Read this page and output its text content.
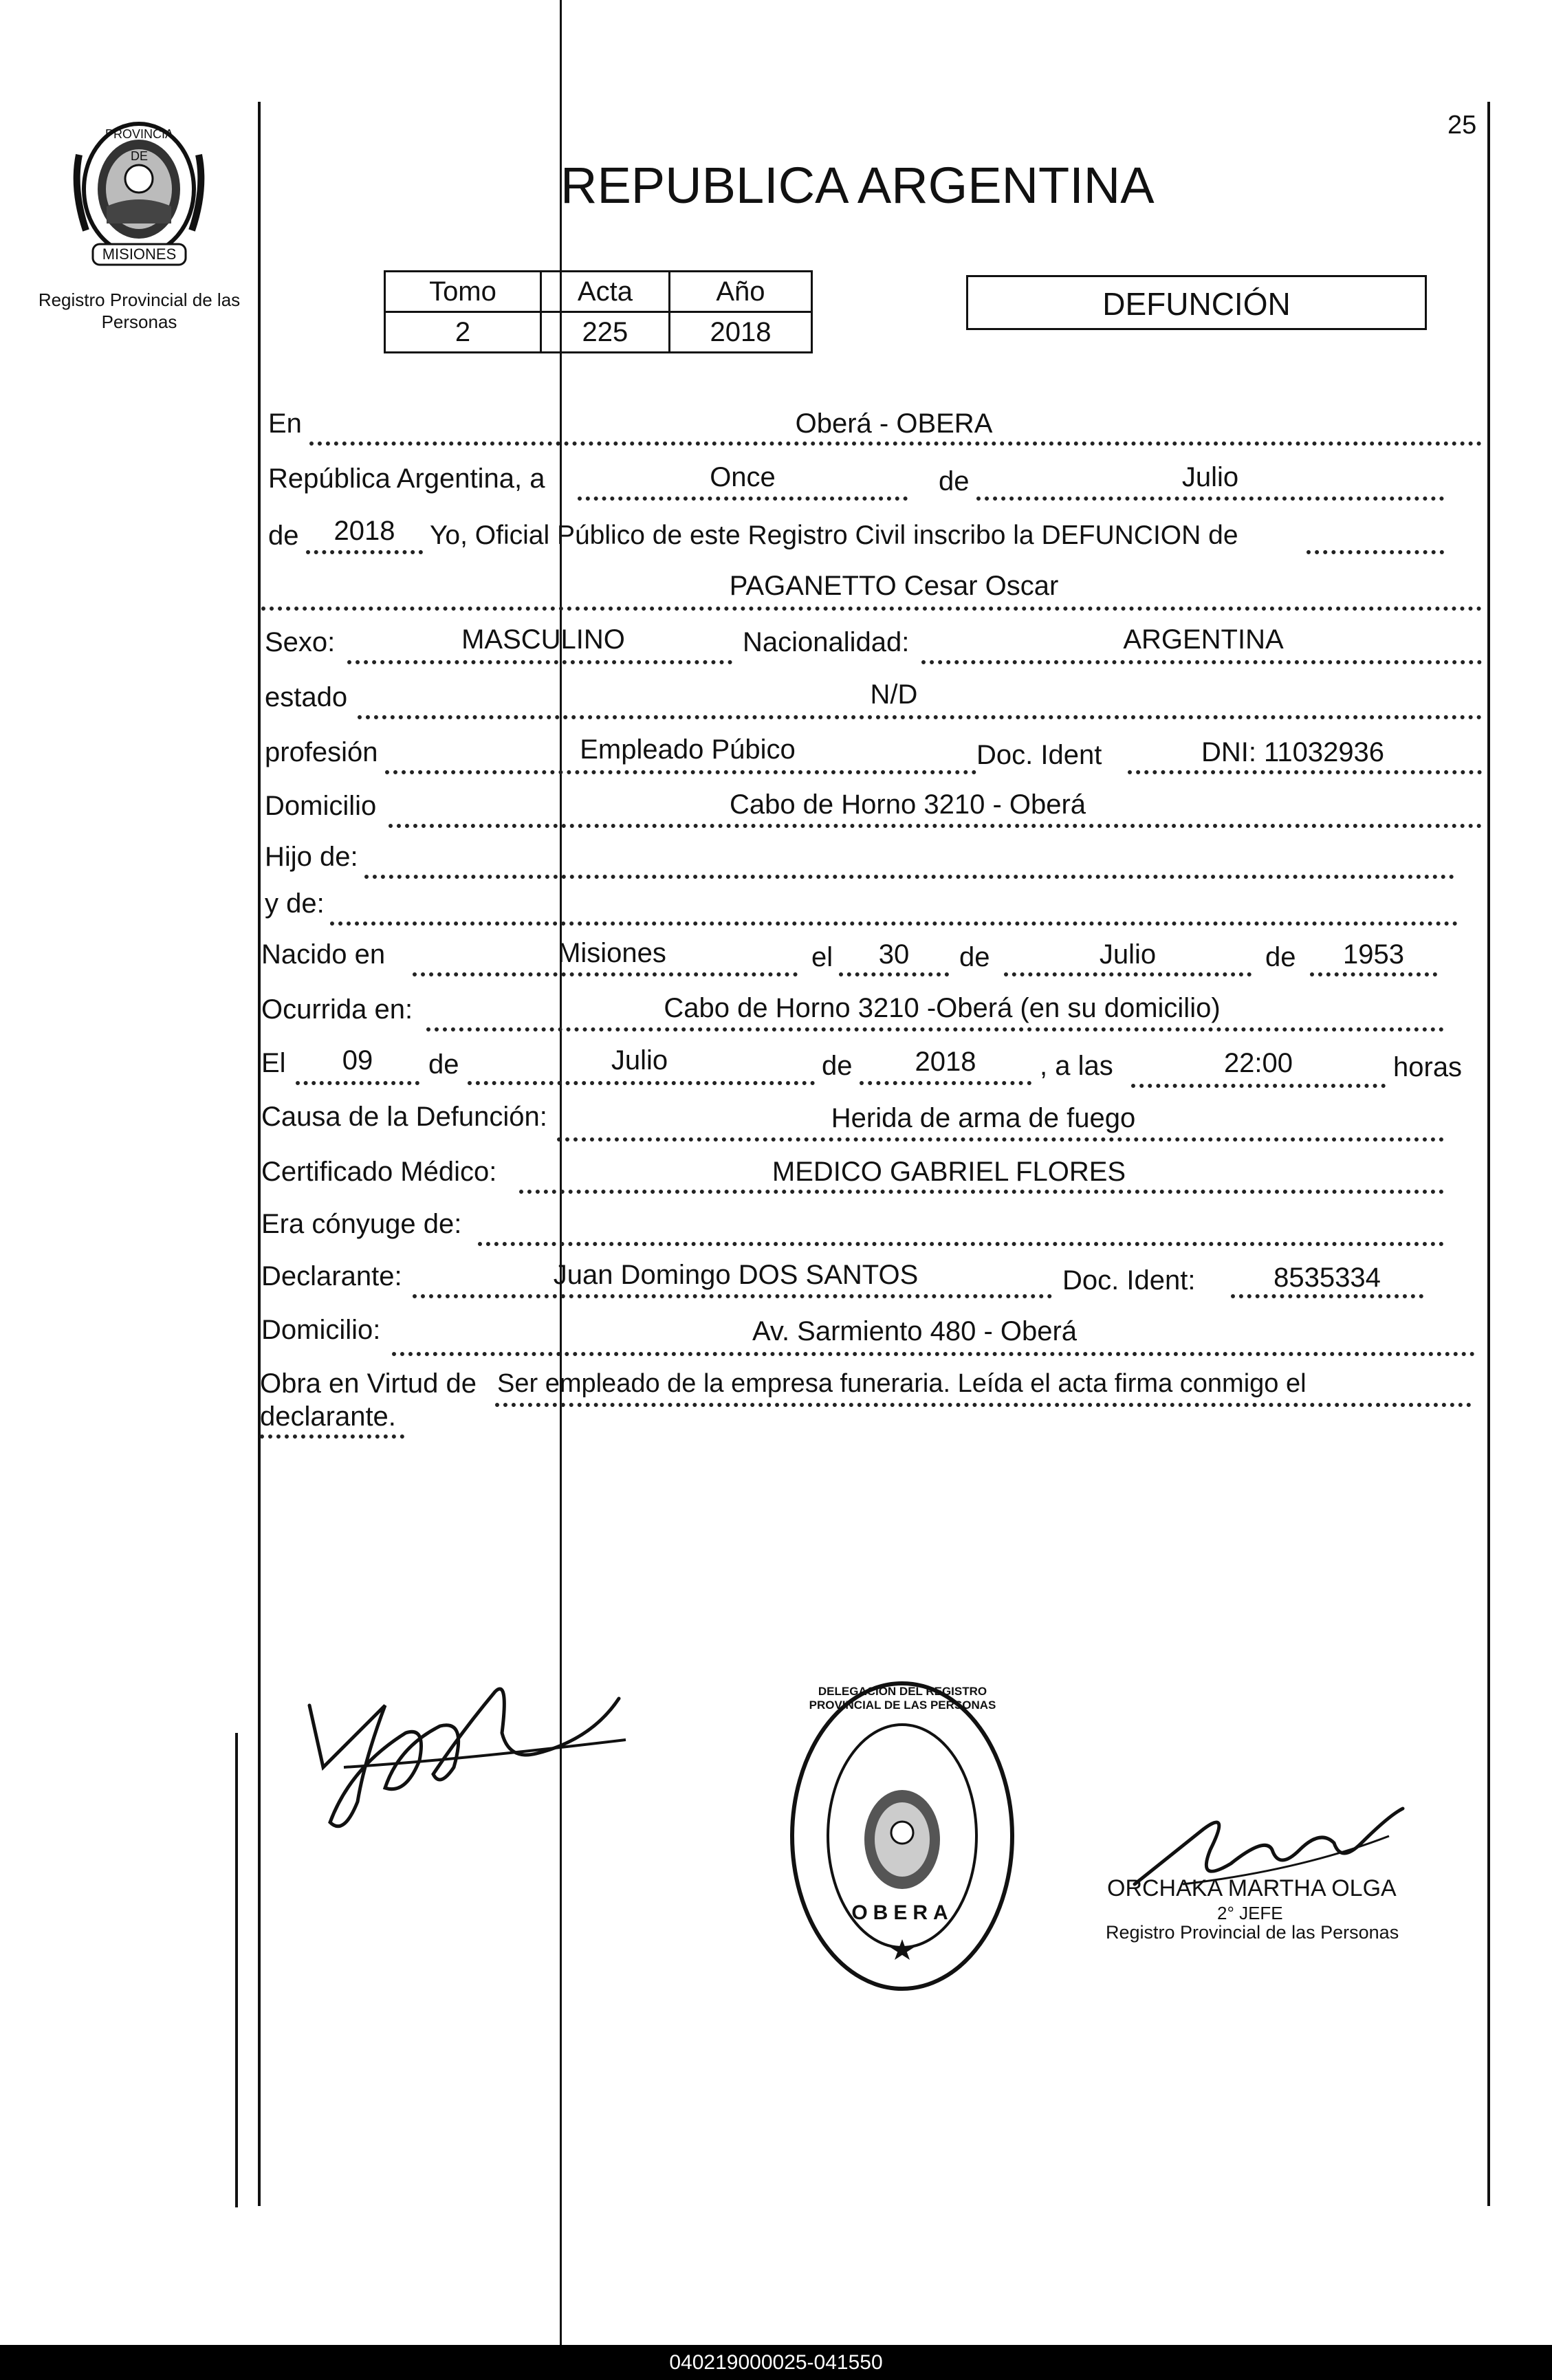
PROVINCIA DE
MISIONES
Registro Provincial de las Personas
25
REPUBLICA ARGENTINA
Tomo	Acta	Año
2	225	2018
DEFUNCIÓN
En	Oberá - OBERA
República Argentina, a	Once	de	Julio
de	2018	Yo, Oficial Público de este Registro Civil inscribo la DEFUNCION de
PAGANETTO Cesar Oscar
Sexo:	MASCULINO	Nacionalidad:	ARGENTINA
estado	N/D
profesión	Empleado Púbico	Doc. Ident	DNI: 11032936
Domicilio	Cabo de Horno 3210 - Oberá
Hijo de:
y de:
Nacido en	Misiones	el	30	de	Julio	de	1953
Ocurrida en:	Cabo de Horno 3210 -Oberá (en su domicilio)
El	09	de	Julio	de	2018	, a las	22:00	horas
Causa de la Defunción:	Herida de arma de fuego
Certificado Médico:	MEDICO GABRIEL FLORES
Era cónyuge de:
Declarante:	Juan Domingo DOS SANTOS	Doc. Ident:	8535334
Domicilio:	Av. Sarmiento 480 - Oberá
Obra en Virtud de Ser empleado de la empresa funeraria. Leída el acta firma conmigo el
declarante.
DELEGACION DEL REGISTRO PROVINCIAL DE LAS PERSONAS
OBERA
ORCHAKA MARTHA OLGA
2° JEFE
Registro Provincial de las Personas
040219000025-041550
